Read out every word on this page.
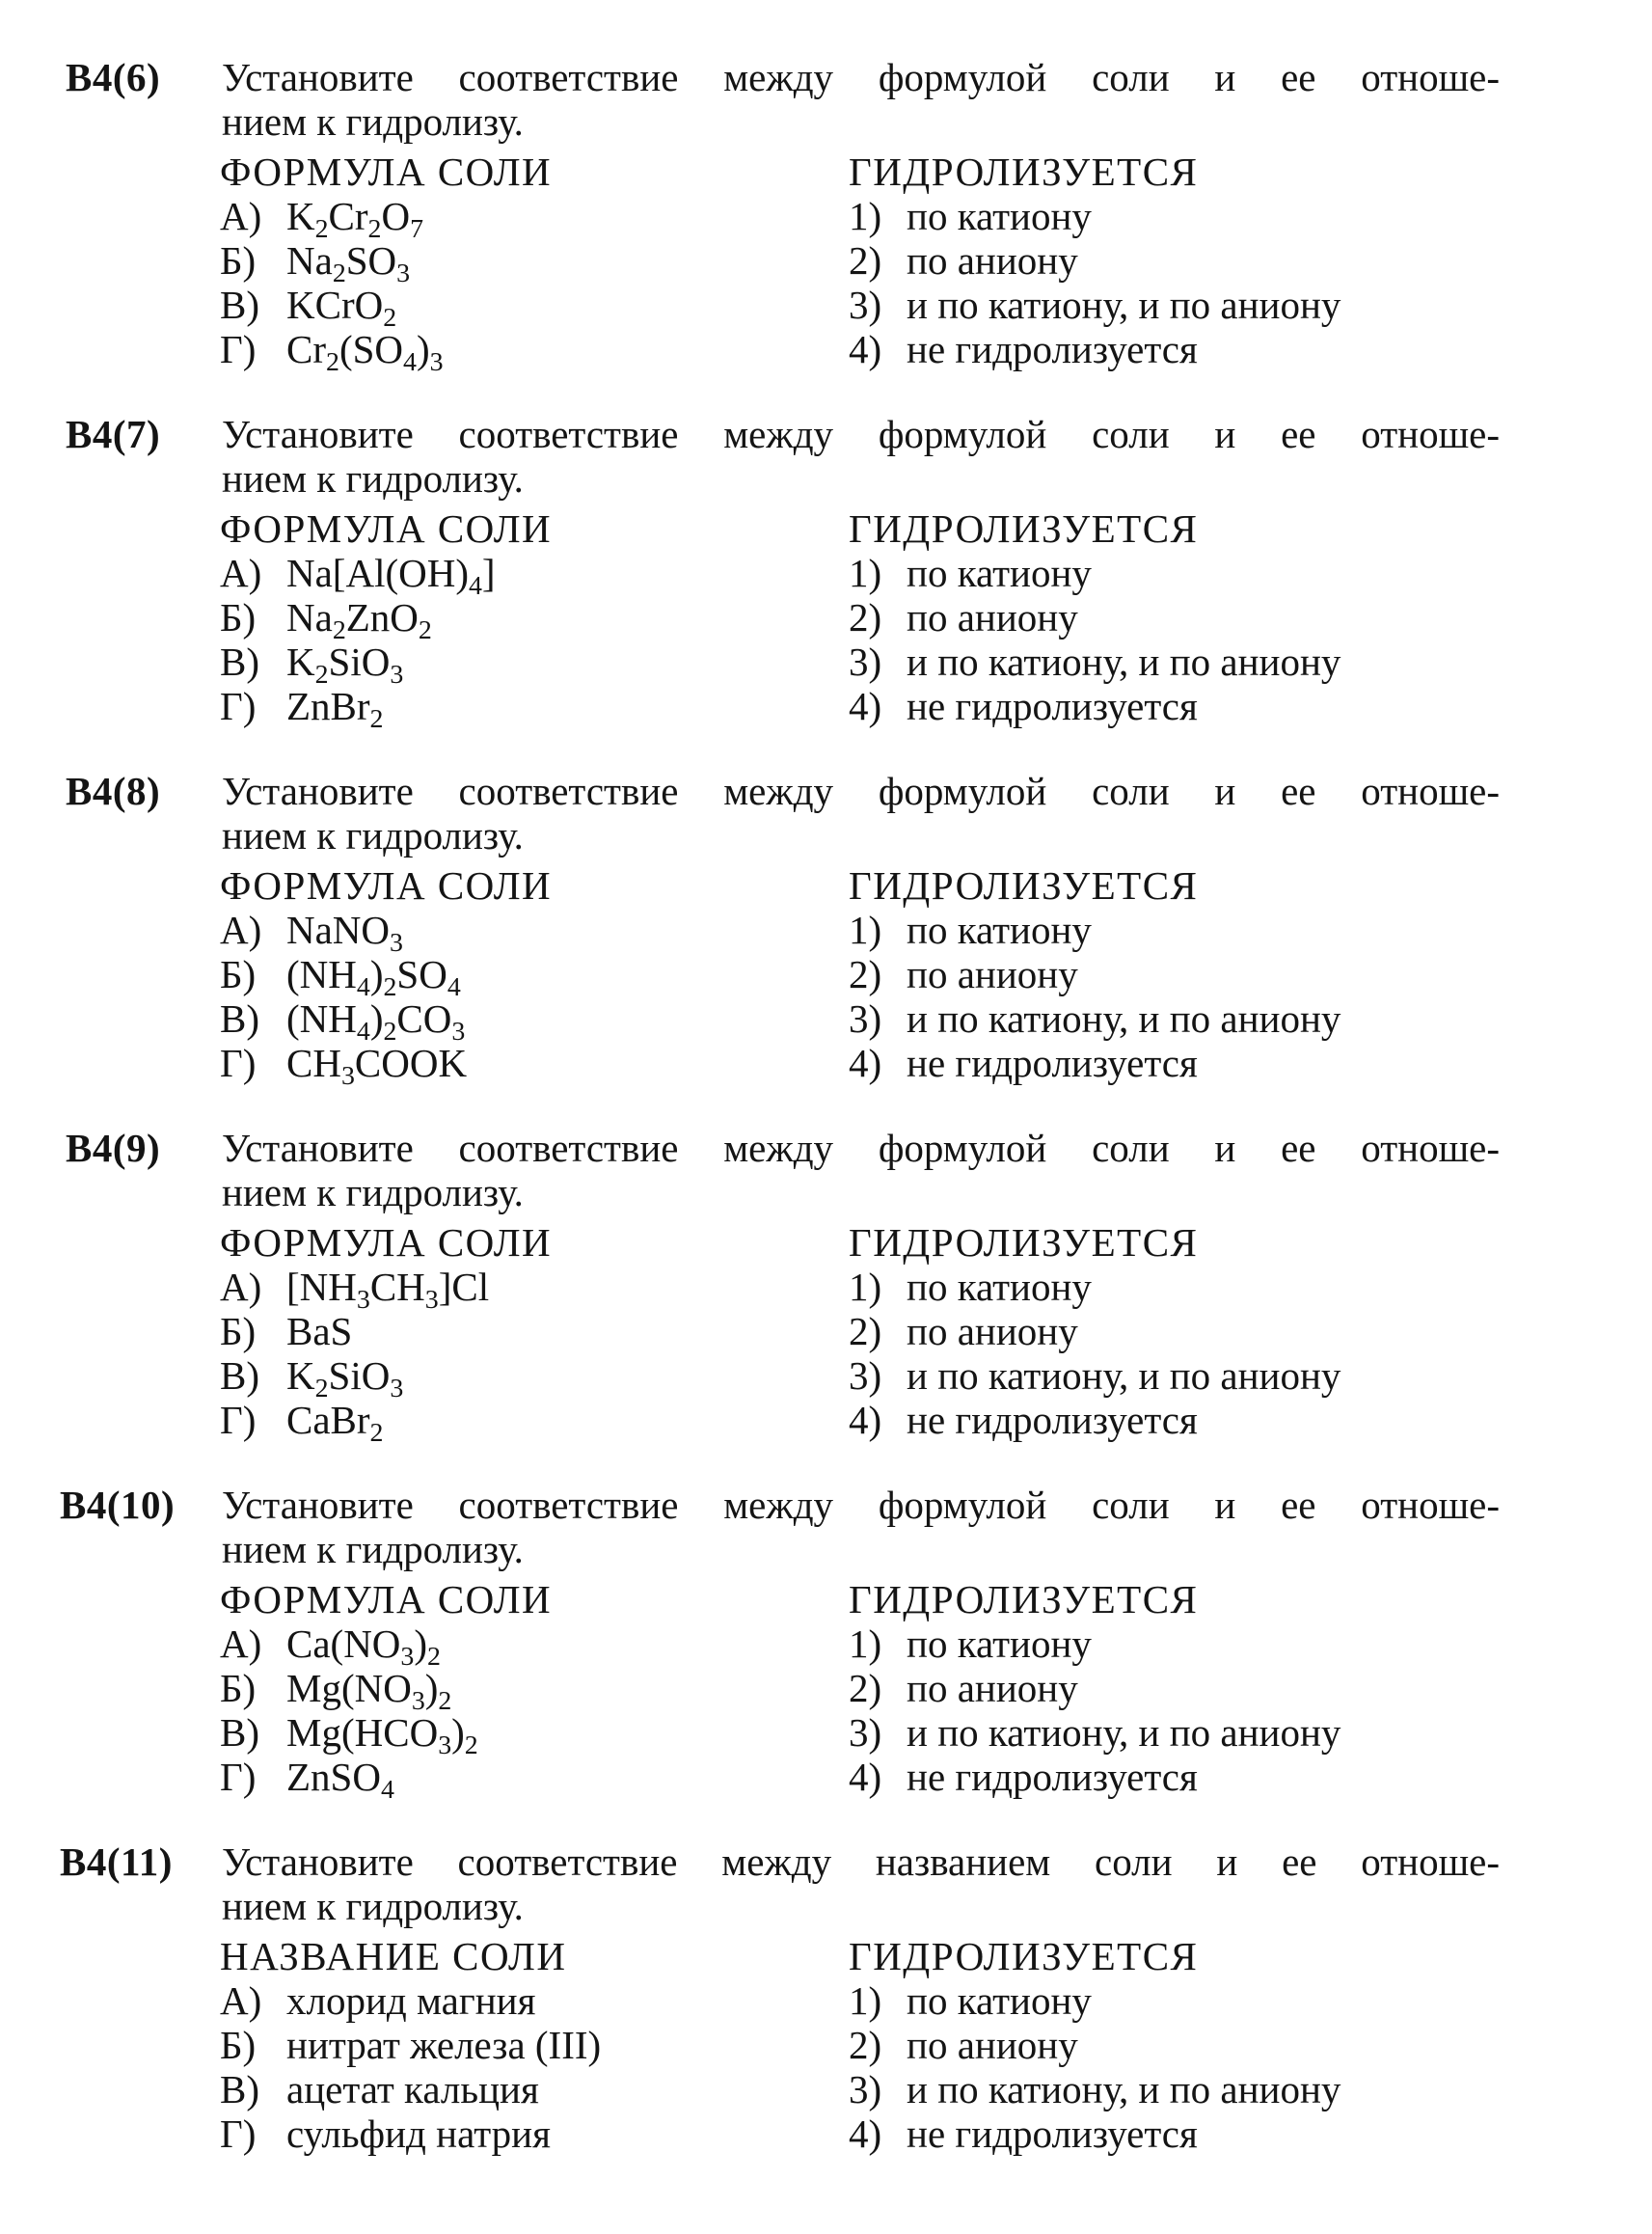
В4(6) Установите соответствие между формулой соли и ее отноше-
нием к гидролизу.
ФОРМУЛА СОЛИ	ГИДРОЛИЗУЕТСЯ
А) $K_2Cr_2O_7$	1) по катиону
Б) $Na_2SO_3$	2) по аниону
В) KCrO$_2$	3) и по катиону, и по аниону
Г) $Cr_2(SO_4)_3$	4) не гидролизуется
В4(7) Установите соответствие между формулой соли и ее отноше-
нием к гидролизу.
ФОРМУЛА СОЛИ	ГИДРОЛИЗУЕТСЯ
А) $Na[Al(OH)_4]$	1) по катиону
Б) $Na_2ZnO_2$	2) по аниону
В) $K_2SiO_3$	3) и по катиону, и по аниону
Г) ZnBr$_2$	4) не гидролизуется
В4(8) Установите соответствие между формулой соли и ее отноше-
нием к гидролизу.
ФОРМУЛА СОЛИ	ГИДРОЛИЗУЕТСЯ
А) NaNO$_3$	1) по катиону
Б) $(NH_4)_2SO_4$	2) по аниону
В) $(NH_4)_2CO_3$	3) и по катиону, и по аниону
Г) $CH_3COOK$	4) не гидролизуется
В4(9) Установите соответствие между формулой соли и ее отноше-
нием к гидролизу.
ФОРМУЛА СОЛИ	ГИДРОЛИЗУЕТСЯ
А) $[NH_3CH_3]Cl$	1) по катиону
Б) BaS	2) по аниону
В) $K_2SiO_3$	3) и по катиону, и по аниону
Г) CaBr$_2$	4) не гидролизуется
В4(10) Установите соответствие между формулой соли и ее отноше-
нием к гидролизу.
ФОРМУЛА СОЛИ	ГИДРОЛИЗУЕТСЯ
А) $Ca(NO_3)_2$	1) по катиону
Б) $Mg(NO_3)_2$	2) по аниону
В) $Mg(HCO_3)_2$	3) и по катиону, и по аниону
Г) ZnSO$_4$	4) не гидролизуется
В4(11) Установите соответствие между названием соли и ее отноше-
нием к гидролизу.
НАЗВАНИЕ СОЛИ	ГИДРОЛИЗУЕТСЯ
А) хлорид магния	1) по катиону
Б) нитрат железа (III)	2) по аниону
В) ацетат кальция	3) и по катиону, и по аниону
Г) сульфид натрия	4) не гидролизуется
